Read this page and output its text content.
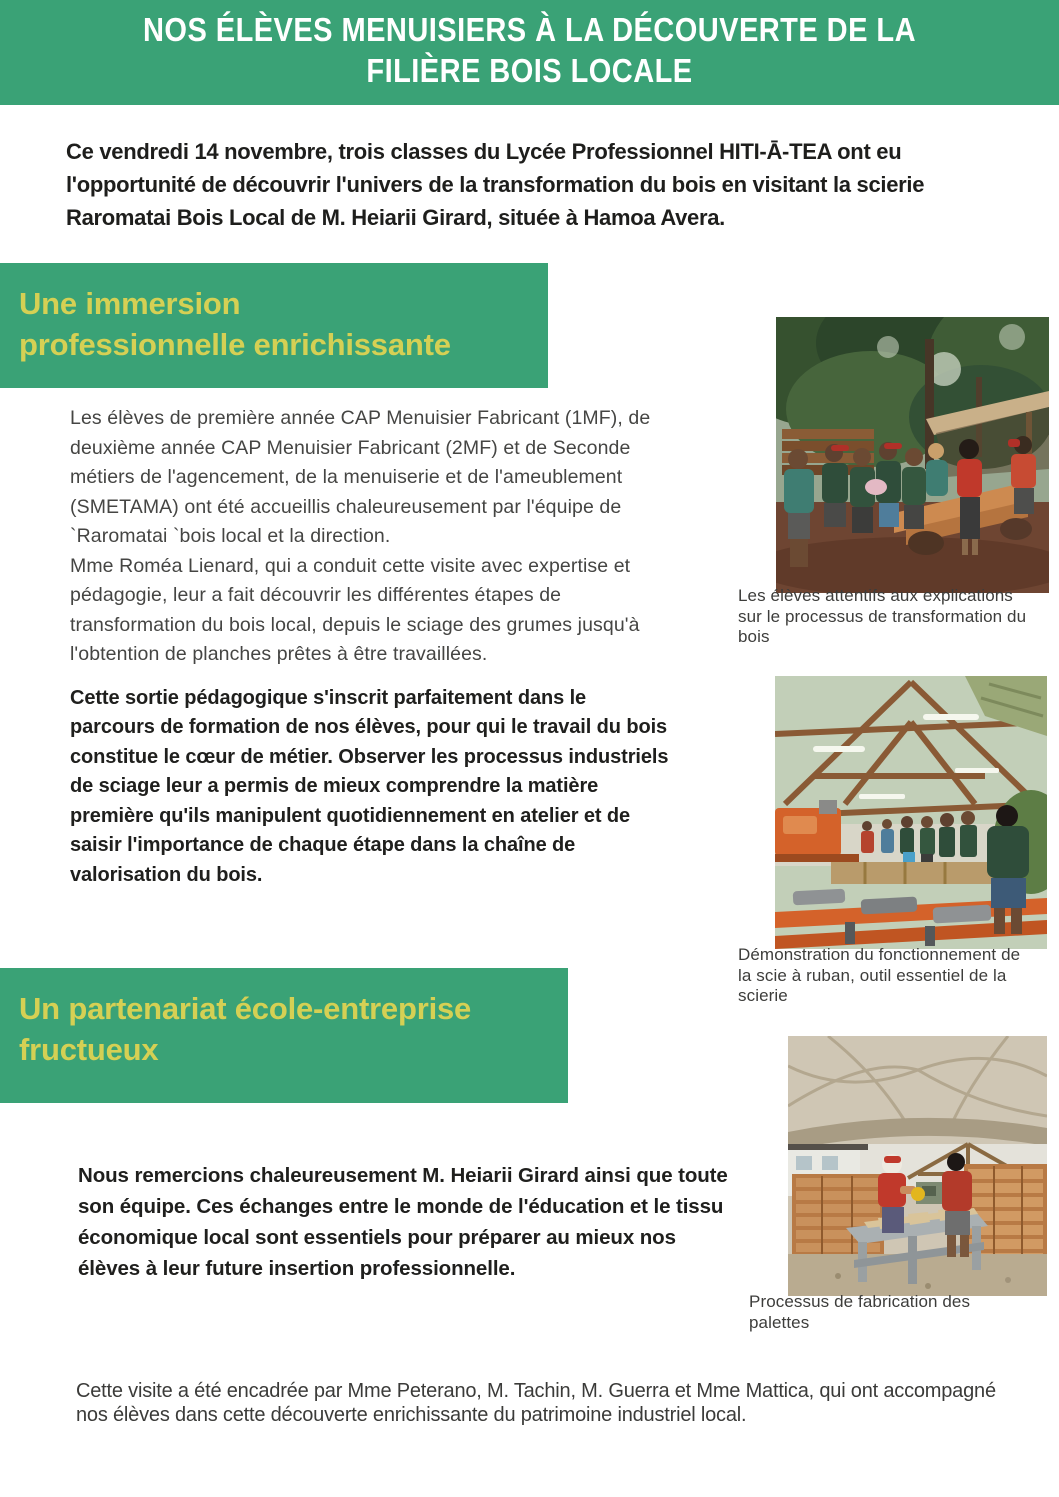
NOS ÉLÈVES MENUISIERS À LA DÉCOUVERTE DE LA
FILIÈRE BOIS LOCALE

Ce vendredi 14 novembre, trois classes du Lycée Professionnel HITI-Ā-TEA ont eu l'opportunité de découvrir l'univers de la transformation du bois en visitant la scierie Raromatai Bois Local de M. Heiarii Girard, située à Hamoa Avera.

Une immersion
professionnelle enrichissante

Les élèves de première année CAP Menuisier Fabricant (1MF), de deuxième année CAP Menuisier Fabricant (2MF) et de Seconde métiers de l'agencement, de la menuiserie et de l'ameublement (SMETAMA) ont été accueillis chaleureusement par l'équipe de `Raromatai `bois local et la direction.

Mme Roméa Lienard, qui a conduit cette visite avec expertise et pédagogie, leur a fait découvrir les différentes étapes de transformation du bois local, depuis le sciage des grumes jusqu'à l'obtention de planches prêtes à être travaillées.

Cette sortie pédagogique s'inscrit parfaitement dans le parcours de formation de nos élèves, pour qui le travail du bois constitue le cœur de métier. Observer les processus industriels de sciage leur a permis de mieux comprendre la matière première qu'ils manipulent quotidiennement en atelier et de saisir l'importance de chaque étape dans la chaîne de valorisation du bois.

Un partenariat école-entreprise
fructueux

Nous remercions chaleureusement M. Heiarii Girard ainsi que toute son équipe. Ces échanges entre le monde de l'éducation et le tissu économique local sont essentiels pour préparer au mieux nos élèves à leur future insertion professionnelle.

Cette visite a été encadrée par Mme Peterano, M. Tachin, M. Guerra et Mme Mattica, qui ont accompagné nos élèves dans cette découverte enrichissante du patrimoine industriel local.

Les élèves attentifs aux explications sur le processus de transformation du bois
Démonstration du fonctionnement de la scie à ruban, outil essentiel de la scierie
Processus de fabrication des palettes
